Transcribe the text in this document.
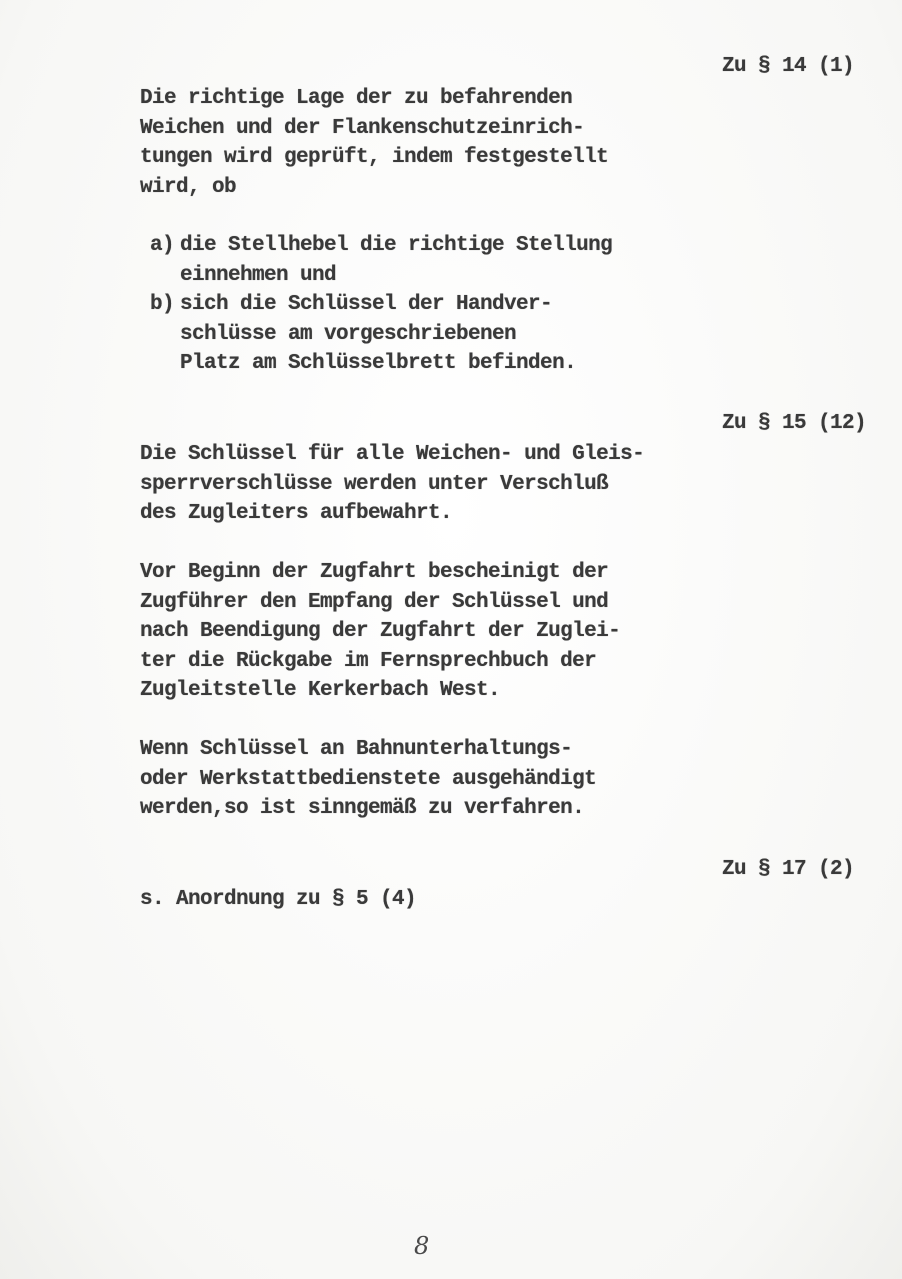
Zu § 14 (1)
Die richtige Lage der zu befahrenden
Weichen und der Flankenschutzeinrich-
tungen wird geprüft, indem festgestellt
wird, ob
a) die Stellhebel die richtige Stellung
einnehmen und
b) sich die Schlüssel der Handver-
schlüsse am vorgeschriebenen
Platz am Schlüsselbrett befinden.
Zu § 15 (12)
Die Schlüssel für alle Weichen- und Gleis-
sperrverschlüsse werden unter Verschluß
des Zugleiters aufbewahrt.
Vor Beginn der Zugfahrt bescheinigt der
Zugführer den Empfang der Schlüssel und
nach Beendigung der Zugfahrt der Zuglei-
ter die Rückgabe im Fernsprechbuch der
Zugleitstelle Kerkerbach West.
Wenn Schlüssel an Bahnunterhaltungs-
oder Werkstattbedienstete ausgehändigt
werden,so ist sinngemäß zu verfahren.
Zu § 17 (2)
s. Anordnung zu § 5 (4)
8
